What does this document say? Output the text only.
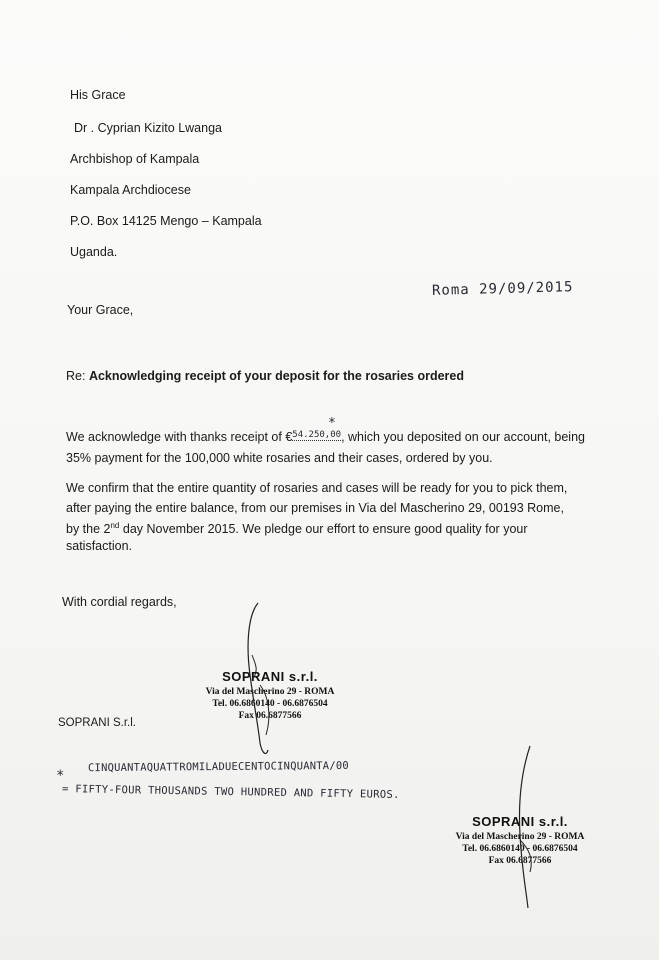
His Grace
Dr . Cyprian Kizito Lwanga
Archbishop of Kampala
Kampala Archdiocese
P.O. Box 14125 Mengo – Kampala
Uganda.
Roma 29/09/2015
Your Grace,
Re: Acknowledging receipt of your deposit for the rosaries ordered
We acknowledge with thanks receipt of €$^{54.250,00}$, which you deposited on our account, being
*
35% payment for the 100,000 white rosaries and their cases, ordered by you.
We confirm that the entire quantity of rosaries and cases will be ready for you to pick them,
after paying the entire balance, from our premises in Via del Mascherino 29, 00193 Rome,
by the 2nd day November 2015. We pledge our effort to ensure good quality for your
satisfaction.
With cordial regards,
SOPRANI s.r.l.
Via del Mascherino 29 - ROMA
Tel. 06.6860140 - 06.6876504
Fax 06.6877566
SOPRANI S.r.l.
*
CINQUANTAQUATTROMILADUECENTOCINQUANTA/00
= FIFTY-FOUR THOUSANDS TWO HUNDRED AND FIFTY EUROS.
SOPRANI s.r.l.
Via del Mascherino 29 - ROMA
Tel. 06.6860140 - 06.6876504
Fax 06.6877566
